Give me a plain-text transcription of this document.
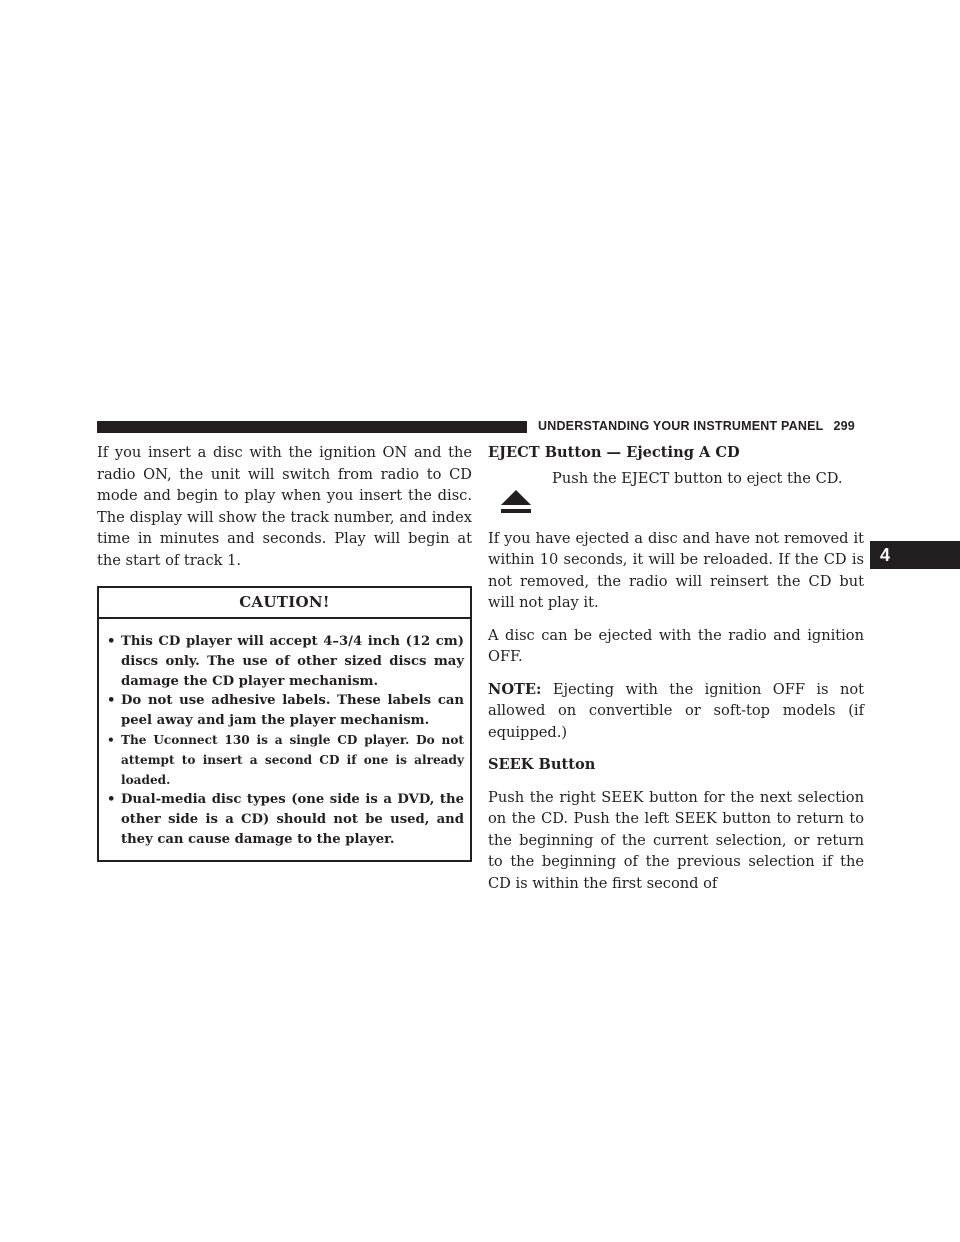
UNDERSTANDING YOUR INSTRUMENT PANEL 299
4

If you insert a disc with the ignition ON and the radio ON, the unit will switch from radio to CD mode and begin to play when you insert the disc. The display will show the track number, and index time in minutes and seconds. Play will begin at the start of track 1.

CAUTION!
• This CD player will accept 4–3/4 inch (12 cm) discs only. The use of other sized discs may damage the CD player mechanism.
• Do not use adhesive labels. These labels can peel away and jam the player mechanism.
• The Uconnect 130 is a single CD player. Do not attempt to insert a second CD if one is already loaded.
• Dual-media disc types (one side is a DVD, the other side is a CD) should not be used, and they can cause damage to the player.
EJECT Button — Ejecting A CD
Push the EJECT button to eject the CD.

If you have ejected a disc and have not removed it within 10 seconds, it will be reloaded. If the CD is not removed, the radio will reinsert the CD but will not play it.

A disc can be ejected with the radio and ignition OFF.

NOTE: Ejecting with the ignition OFF is not allowed on convertible or soft-top models (if equipped.)

SEEK Button

Push the right SEEK button for the next selection on the CD. Push the left SEEK button to return to the beginning of the current selection, or return to the beginning of the previous selection if the CD is within the first second of
